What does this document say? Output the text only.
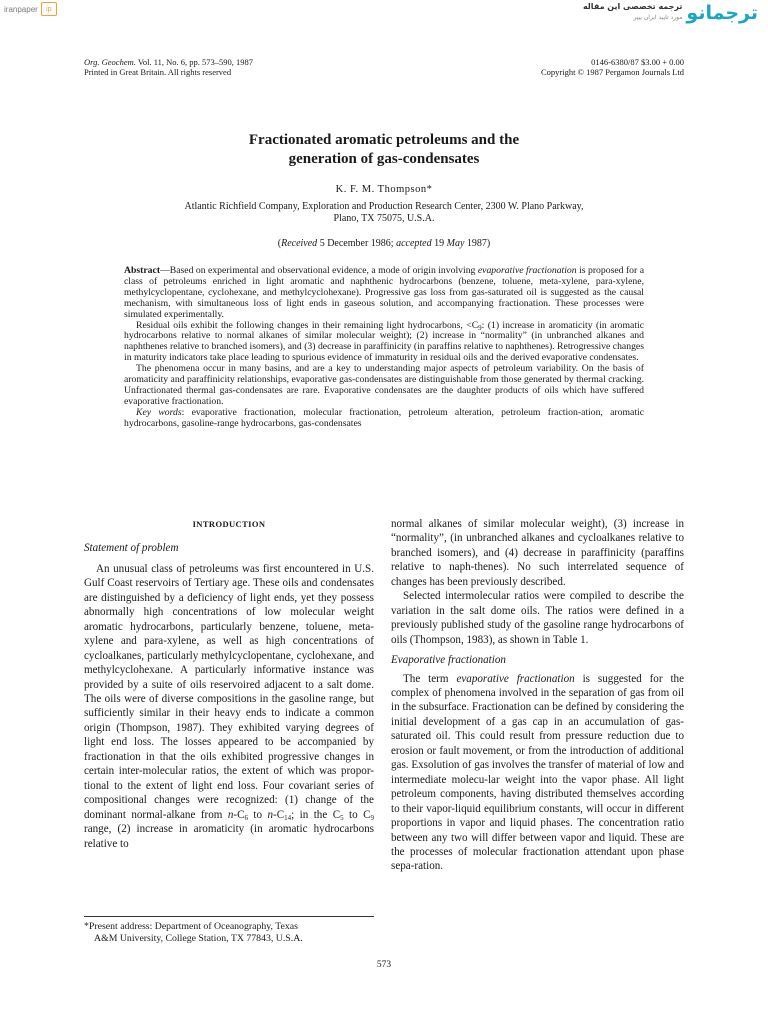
iranpaper	ip	ترجمه تخصصی این مقاله
مورد تایید ایران پیپر ترجمانو
Org. Geochem. Vol. 11, No. 6, pp. 573–590, 1987
Printed in Great Britain. All rights reserved
0146-6380/87 $3.00 + 0.00
Copyright © 1987 Pergamon Journals Ltd
Fractionated aromatic petroleums and the
generation of gas-condensates
K. F. M. Thompson*
Atlantic Richfield Company, Exploration and Production Research Center, 2300 W. Plano Parkway,
Plano, TX 75075, U.S.A.
(Received 5 December 1986; accepted 19 May 1987)

Abstract—Based on experimental and observational evidence, a mode of origin involving evaporative fractionation is proposed for a class of petroleums enriched in light aromatic and naphthenic hydrocarbons (benzene, toluene, meta-xylene, para-xylene, methylcyclopentane, cyclohexane, and methylcyclohexane). Progressive gas loss from gas-saturated oil is suggested as the causal mechanism, with simultaneous loss of light ends in gaseous solution, and accompanying fractionation. These processes were simulated experimentally.

Residual oils exhibit the following changes in their remaining light hydrocarbons, $<C_9$: (1) increase in aromaticity (in aromatic hydrocarbons relative to normal alkanes of similar molecular weight); (2) increase in “normality” (in unbranched alkanes and naphthenes relative to branched isomers), and (3) decrease in paraffinicity (in paraffins relative to naphthenes). Retrogressive changes in maturity indicators take place leading to spurious evidence of immaturity in residual oils and the derived evaporative condensates.

The phenomena occur in many basins, and are a key to understanding major aspects of petroleum variability. On the basis of aromaticity and paraffinicity relationships, evaporative gas-condensates are distinguishable from those generated by thermal cracking. Unfractionated thermal gas-condensates are rare. Evaporative condensates are the daughter products of oils which have suffered evaporative fractionation.

Key words: evaporative fractionation, molecular fractionation, petroleum alteration, petroleum fraction-ation, aromatic hydrocarbons, gasoline-range hydrocarbons, gas-condensates

INTRODUCTION
Statement of problem

An unusual class of petroleums was first encountered in U.S. Gulf Coast reservoirs of Tertiary age. These oils and condensates are distinguished by a deficiency of light ends, yet they possess abnormally high concentrations of low molecular weight aromatic hydrocarbons, particularly benzene, toluene, meta-xylene and para-xylene, as well as high concentrations of cycloalkanes, particularly methylcyclopentane, cyclohexane, and methylcyclohexane. A particularly informative instance was provided by a suite of oils reservoired adjacent to a salt dome. The oils were of diverse compositions in the gasoline range, but sufficiently similar in their heavy ends to indicate a common origin (Thompson, 1987). They exhibited varying degrees of light end loss. The losses appeared to be accompanied by fractionation in that the oils exhibited progressive changes in certain inter-molecular ratios, the extent of which was propor-tional to the extent of light end loss. Four covariant series of compositional changes were recognized: (1) change of the dominant normal-alkane from $n-C_6$ to $n-C_{14}$; in the $C_5$ to $C_9$ range, (2) increase in aromaticity (in aromatic hydrocarbons relative to

normal alkanes of similar molecular weight), (3) increase in “normality”, (in unbranched alkanes and cycloalkanes relative to branched isomers), and (4) decrease in paraffinicity (paraffins relative to naph-thenes). No such interrelated sequence of changes has been previously described.

Selected intermolecular ratios were compiled to describe the variation in the salt dome oils. The ratios were defined in a previously published study of the gasoline range hydrocarbons of oils (Thompson, 1983), as shown in Table 1.

Evaporative fractionation

The term evaporative fractionation is suggested for the complex of phenomena involved in the separation of gas from oil in the subsurface. Fractionation can be defined by considering the initial development of a gas cap in an accumulation of gas-saturated oil. This could result from pressure reduction due to erosion or fault movement, or from the introduction of additional gas. Exsolution of gas involves the transfer of material of low and intermediate molecu-lar weight into the vapor phase. All light petroleum components, having distributed themselves according to their vapor-liquid equilibrium constants, will occur in different proportions in vapor and liquid phases. The concentration ratio between any two will differ between vapor and liquid. These are the processes of molecular fractionation attendant upon phase sepa-ration.

*Present address: Department of Oceanography, Texas
A&M University, College Station, TX 77843, U.S.A.
573
